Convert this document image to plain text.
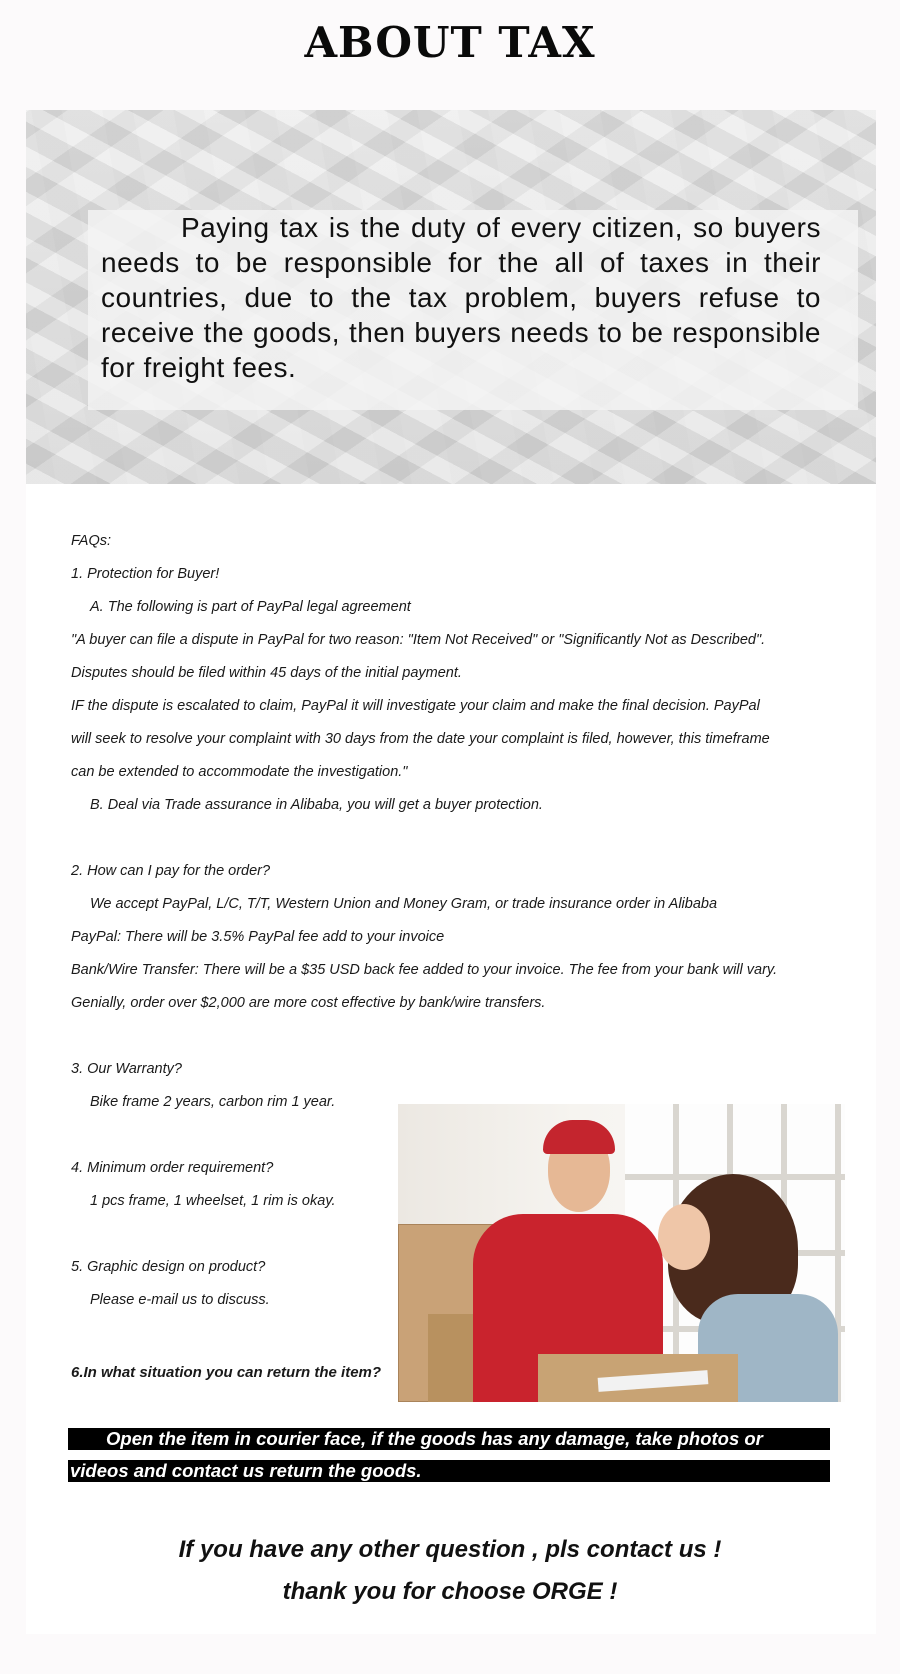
ABOUT TAX

Paying tax is the duty of every citizen, so buyers needs to be responsible for the all of taxes in their countries, due to the tax problem, buyers refuse to receive the goods, then buyers needs to be responsible for freight fees.

FAQs:
1. Protection for Buyer!
A. The following is part of PayPal legal agreement
"A buyer can file a dispute in PayPal for two reason: "Item Not Received" or "Significantly Not as Described".
Disputes should be filed within 45 days of the initial payment.
IF the dispute is escalated to claim, PayPal it will investigate your claim and make the final decision. PayPal
will seek to resolve your complaint with 30 days from the date your complaint is filed, however, this timeframe
can be extended to accommodate the investigation."
B. Deal via Trade assurance in Alibaba, you will get a buyer protection.
2. How can I pay for the order?
We accept PayPal, L/C, T/T, Western Union and Money Gram, or trade insurance order in Alibaba
PayPal: There will be 3.5% PayPal fee add to your invoice
Bank/Wire Transfer: There will be a $35 USD back fee added to your invoice. The fee from your bank will vary.
Genially, order over $2,000 are more cost effective by bank/wire transfers.
3. Our Warranty?
Bike frame 2 years, carbon rim 1 year.
4. Minimum order requirement?
1 pcs frame, 1 wheelset, 1 rim is okay.
5. Graphic design on product?
Please e-mail us to discuss.
6.In what situation you can return the item?
Open the item in courier face, if the goods has any damage, take photos or
videos and contact us return the goods.
If you have any other question , pls contact us !
thank you for choose ORGE !
